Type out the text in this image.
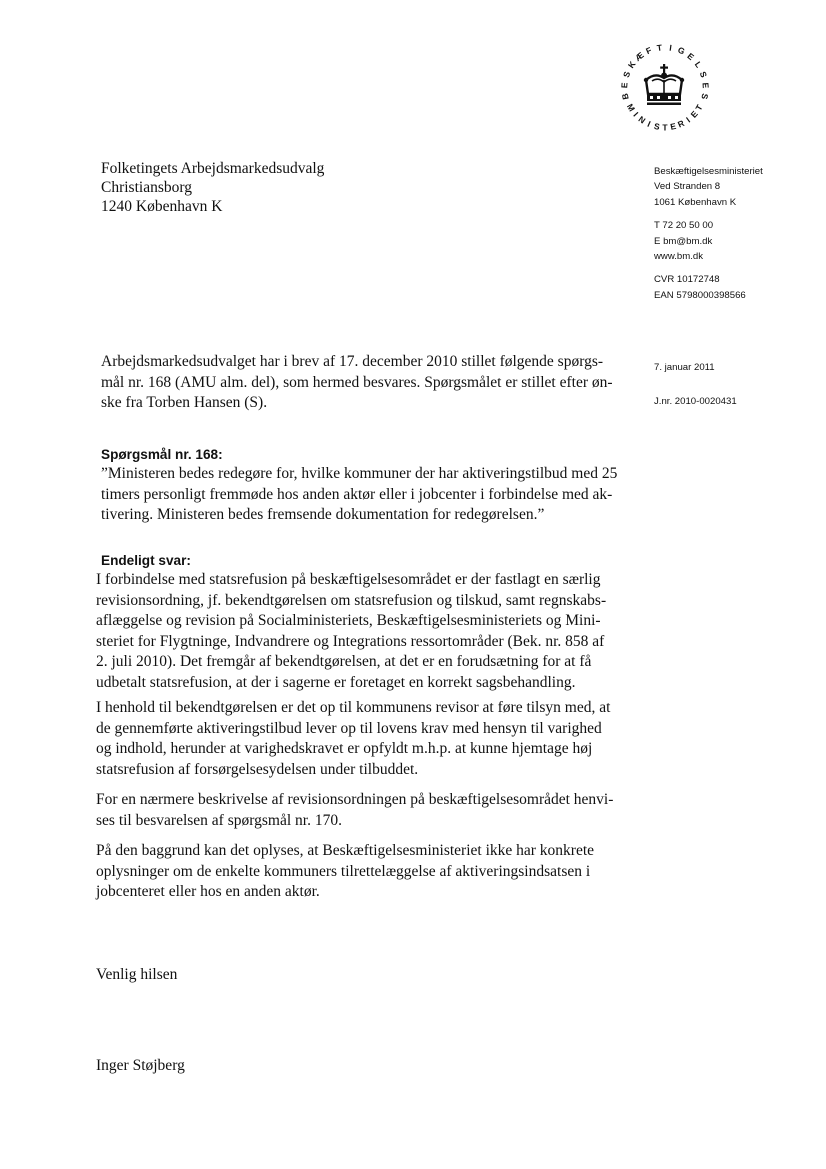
B
E
S
K
Æ
F T I G E
L
S
E
S
M
I
N
I S T E R
I
E
T
Folketingets Arbejdsmarkedsudvalg
Christiansborg
1240 København K
Beskæftigelsesministeriet
Ved Stranden 8
1061 København K
T 72 20 50 00
E bm@bm.dk
www.bm.dk
CVR 10172748
EAN 5798000398566
Arbejdsmarkedsudvalget har i brev af 17. december 2010 stillet følgende spørgs-
mål nr. 168 (AMU alm. del), som hermed besvares. Spørgsmålet er stillet efter øn-
ske fra Torben Hansen (S).
7. januar 2011
J.nr. 2010-0020431
Spørgsmål nr. 168:
”Ministeren bedes redegøre for, hvilke kommuner der har aktiveringstilbud med 25
timers personligt fremmøde hos anden aktør eller i jobcenter i forbindelse med ak-
tivering. Ministeren bedes fremsende dokumentation for redegørelsen.”
Endeligt svar:
I forbindelse med statsrefusion på beskæftigelsesområdet er der fastlagt en særlig
revisionsordning, jf. bekendtgørelsen om statsrefusion og tilskud, samt regnskabs-
aflæggelse og revision på Socialministeriets, Beskæftigelsesministeriets og Mini-
steriet for Flygtninge, Indvandrere og Integrations ressortområder (Bek. nr. 858 af
2. juli 2010). Det fremgår af bekendtgørelsen, at det er en forudsætning for at få
udbetalt statsrefusion, at der i sagerne er foretaget en korrekt sagsbehandling.
I henhold til bekendtgørelsen er det op til kommunens revisor at føre tilsyn med, at
de gennemførte aktiveringstilbud lever op til lovens krav med hensyn til varighed
og indhold, herunder at varighedskravet er opfyldt m.h.p. at kunne hjemtage høj
statsrefusion af forsørgelsesydelsen under tilbuddet.
For en nærmere beskrivelse af revisionsordningen på beskæftigelsesområdet henvi-
ses til besvarelsen af spørgsmål nr. 170.
På den baggrund kan det oplyses, at Beskæftigelsesministeriet ikke har konkrete
oplysninger om de enkelte kommuners tilrettelæggelse af aktiveringsindsatsen i
jobcenteret eller hos en anden aktør.
Venlig hilsen
Inger Støjberg
